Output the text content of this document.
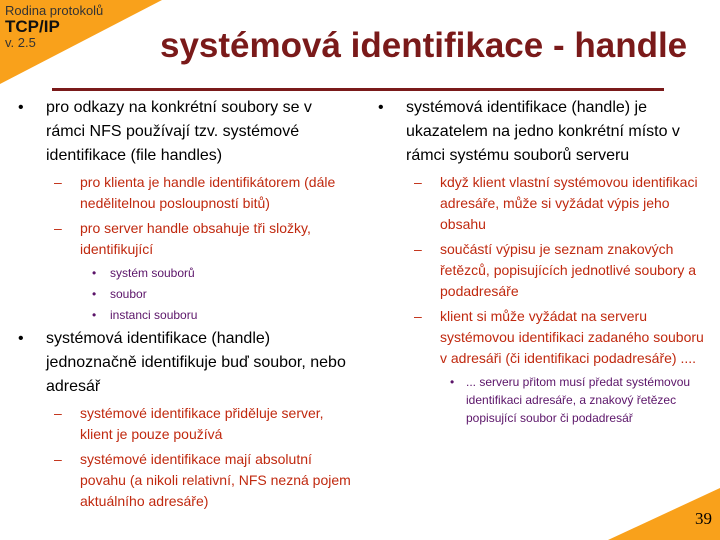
Rodina protokolů
TCP/IP
v. 2.5	systémová identifikace - handle
• pro odkazy na konkrétní soubory se v rámci NFS používají tzv. systémové identifikace (file handles)
– pro klienta je handle identifikátorem (dále nedělitelnou posloupností bitů)
– pro server handle obsahuje tři složky, identifikující
• systém souborů
• soubor
• instanci souboru
• systémová identifikace (handle) jednoznačně identifikuje buď soubor, nebo adresář
– systémové identifikace přiděluje server, klient je pouze používá
– systémové identifikace mají absolutní povahu (a nikoli relativní, NFS nezná pojem aktuálního adresáře)
• systémová identifikace (handle) je ukazatelem na jedno konkrétní místo v rámci systému souborů serveru
– když klient vlastní systémovou identifikaci adresáře, může si vyžádat výpis jeho obsahu
– součástí výpisu je seznam znakových řetězců, popisujících jednotlivé soubory a podadresáře
– klient si může vyžádat na serveru systémovou identifikaci zadaného souboru v adresáři (či identifikaci podadresáře) ....
• ... serveru přitom musí předat systémovou identifikaci adresáře, a znakový řetězec popisující soubor či podadresář
39
